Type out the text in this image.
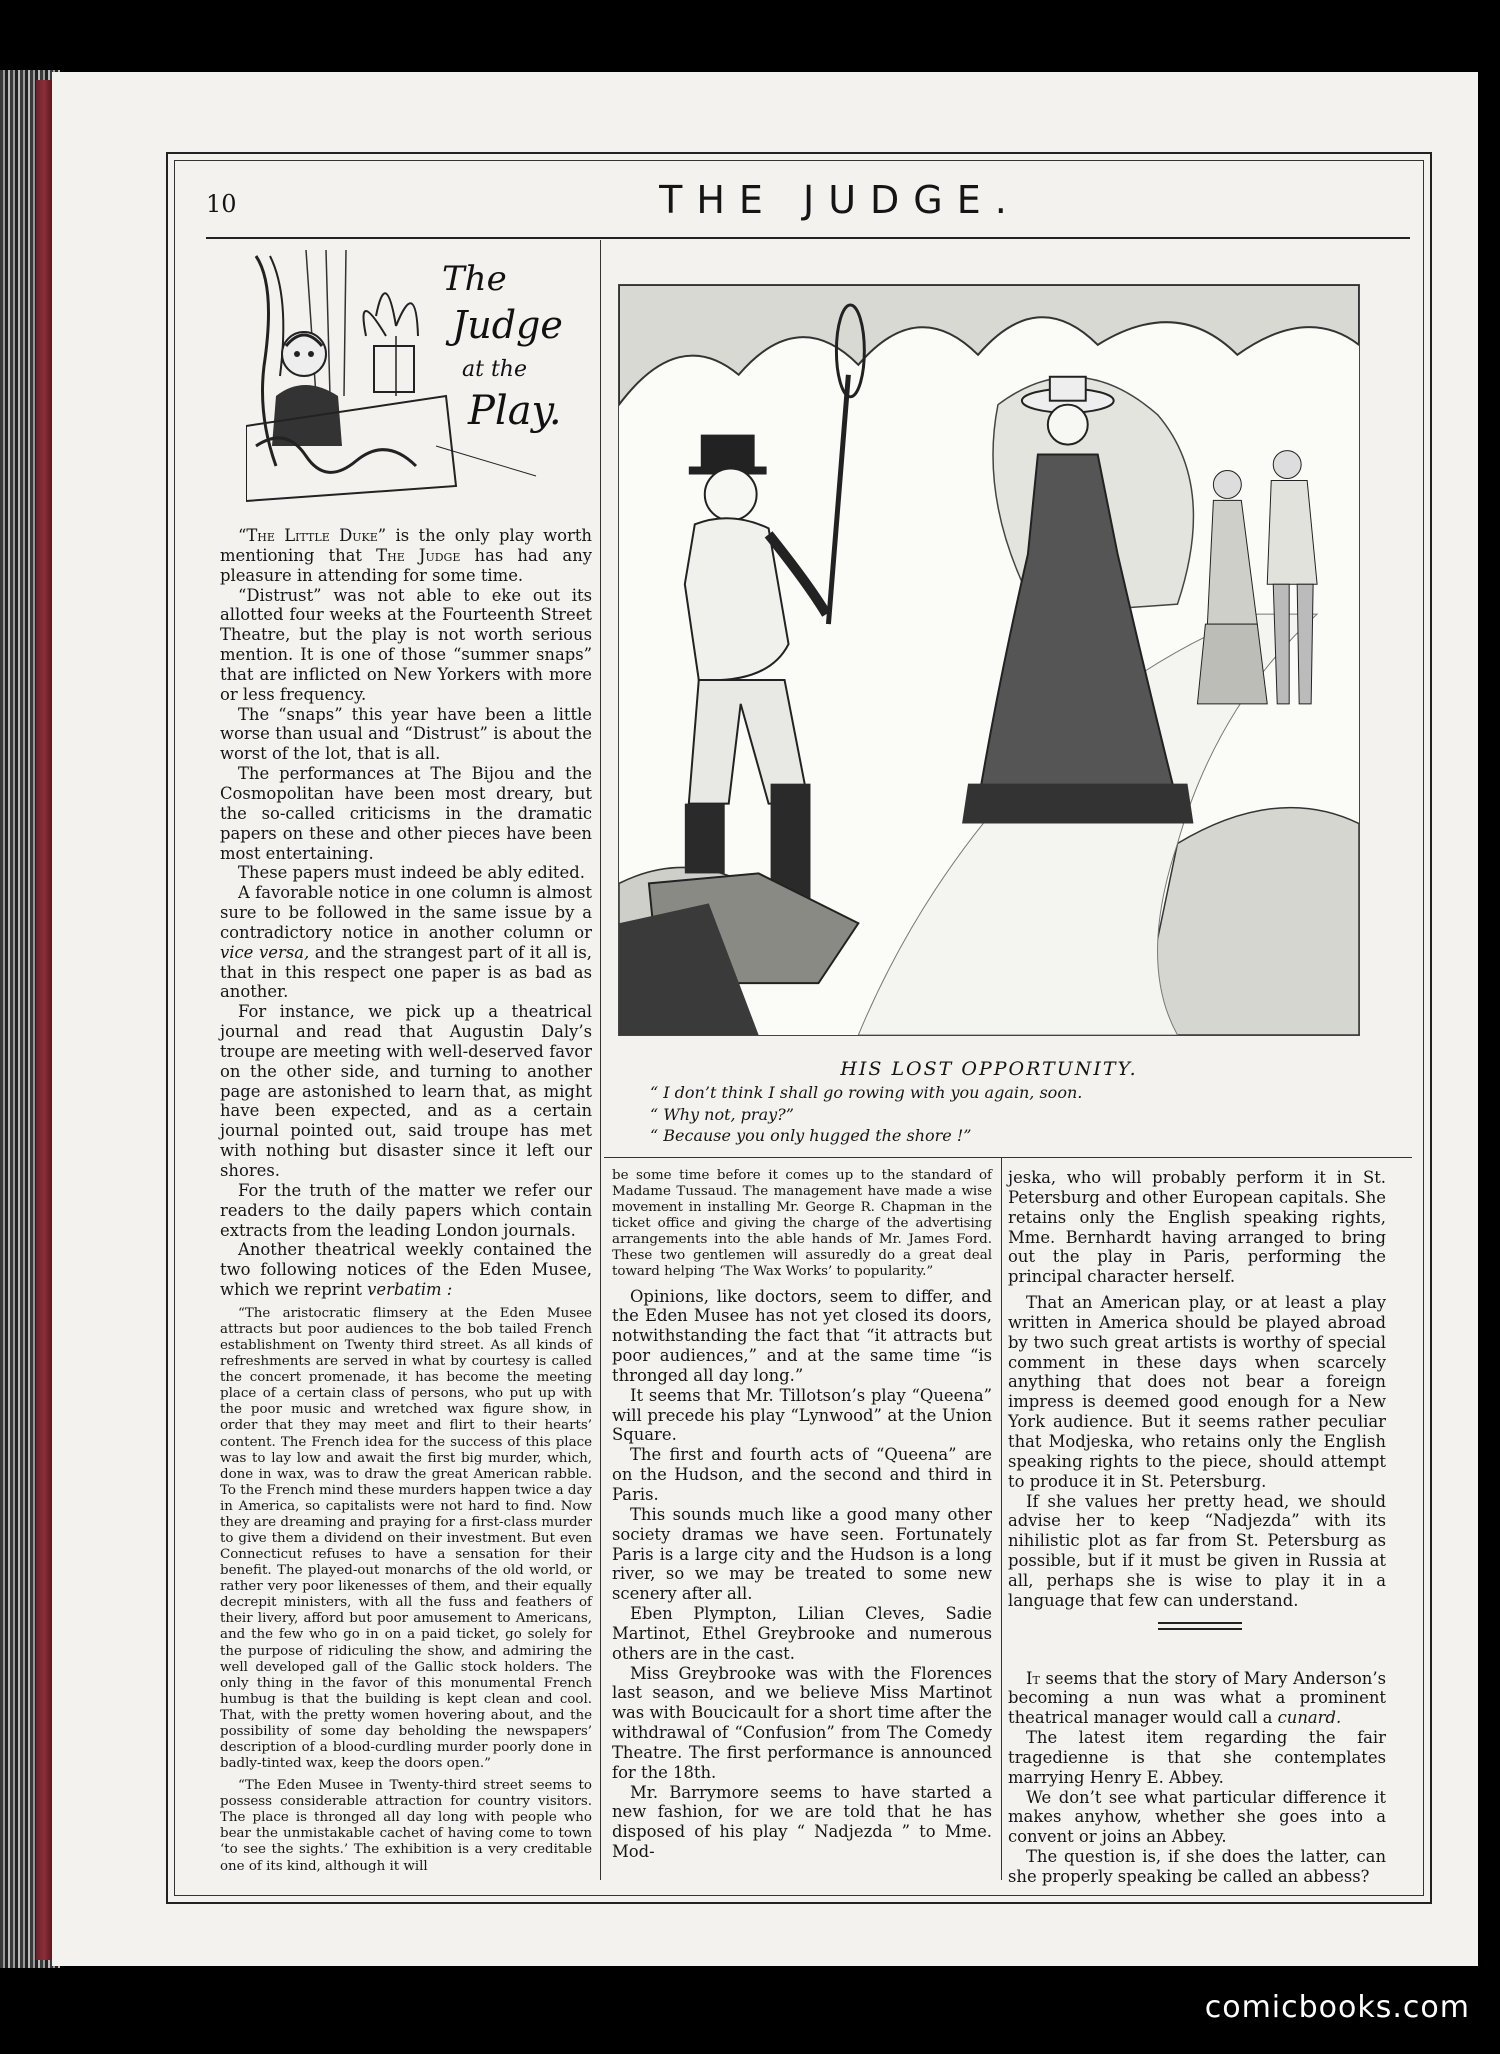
10	THE JUDGE.
The
Judge
at the
Play.

“The Little Duke” is the only play worth mentioning that The Judge has had any pleasure in attending for some time.

“Distrust” was not able to eke out its allotted four weeks at the Fourteenth Street Theatre, but the play is not worth serious mention. It is one of those “summer snaps” that are inflicted on New Yorkers with more or less frequency.

The “snaps” this year have been a little worse than usual and “Distrust” is about the worst of the lot, that is all.

The performances at The Bijou and the Cosmopolitan have been most dreary, but the so-called criticisms in the dramatic papers on these and other pieces have been most entertaining.

These papers must indeed be ably edited.

A favorable notice in one column is almost sure to be followed in the same issue by a contradictory notice in another column or vice versa, and the strangest part of it all is, that in this respect one paper is as bad as another.

For instance, we pick up a theatrical journal and read that Augustin Daly’s troupe are meeting with well-deserved favor on the other side, and turning to another page are astonished to learn that, as might have been expected, and as a certain journal pointed out, said troupe has met with nothing but disaster since it left our shores.

For the truth of the matter we refer our readers to the daily papers which contain extracts from the leading London journals.

Another theatrical weekly contained the two following notices of the Eden Musee, which we reprint verbatim :

“The aristocratic flimsery at the Eden Musee attracts but poor audiences to the bob tailed French establishment on Twenty third street. As all kinds of refreshments are served in what by courtesy is called the concert promenade, it has become the meeting place of a certain class of persons, who put up with the poor music and wretched wax figure show, in order that they may meet and flirt to their hearts’ content. The French idea for the success of this place was to lay low and await the first big murder, which, done in wax, was to draw the great American rabble. To the French mind these murders happen twice a day in America, so capitalists were not hard to find. Now they are dreaming and praying for a first-class murder to give them a dividend on their investment. But even Connecticut refuses to have a sensation for their benefit. The played-out monarchs of the old world, or rather very poor likenesses of them, and their equally decrepit ministers, with all the fuss and feathers of their livery, afford but poor amusement to Americans, and the few who go in on a paid ticket, go solely for the purpose of ridiculing the show, and admiring the well developed gall of the Gallic stock holders. The only thing in the favor of this monumental French humbug is that the building is kept clean and cool. That, with the pretty women hovering about, and the possibility of some day beholding the newspapers’ description of a blood-curdling murder poorly done in badly-tinted wax, keep the doors open.”

“The Eden Musee in Twenty-third street seems to possess considerable attraction for country visitors. The place is thronged all day long with people who bear the unmistakable cachet of having come to town ‘to see the sights.’ The exhibition is a very creditable one of its kind, although it will

HIS LOST OPPORTUNITY.
“ I don’t think I shall go rowing with you again, soon.
“ Why not, pray?”
“ Because you only hugged the shore !”

be some time before it comes up to the standard of Madame Tussaud. The management have made a wise movement in installing Mr. George R. Chapman in the ticket office and giving the charge of the advertising arrangements into the able hands of Mr. James Ford. These two gentlemen will assuredly do a great deal toward helping ‘The Wax Works’ to popularity.”

Opinions, like doctors, seem to differ, and the Eden Musee has not yet closed its doors, notwithstanding the fact that “it attracts but poor audiences,” and at the same time “is thronged all day long.”

It seems that Mr. Tillotson’s play “Queena” will precede his play “Lynwood” at the Union Square.

The first and fourth acts of “Queena” are on the Hudson, and the second and third in Paris.

This sounds much like a good many other society dramas we have seen. Fortunately Paris is a large city and the Hudson is a long river, so we may be treated to some new scenery after all.

Eben Plympton, Lilian Cleves, Sadie Martinot, Ethel Greybrooke and numerous others are in the cast.

Miss Greybrooke was with the Florences last season, and we believe Miss Martinot was with Boucicault for a short time after the withdrawal of “Confusion” from The Comedy Theatre. The first performance is announced for the 18th.

Mr. Barrymore seems to have started a new fashion, for we are told that he has disposed of his play “ Nadjezda ” to Mme. Mod-

jeska, who will probably perform it in St. Petersburg and other European capitals. She retains only the English speaking rights, Mme. Bernhardt having arranged to bring out the play in Paris, performing the principal character herself.

That an American play, or at least a play written in America should be played abroad by two such great artists is worthy of special comment in these days when scarcely anything that does not bear a foreign impress is deemed good enough for a New York audience. But it seems rather peculiar that Modjeska, who retains only the English speaking rights to the piece, should attempt to produce it in St. Petersburg.

If she values her pretty head, we should advise her to keep “Nadjezda” with its nihilistic plot as far from St. Petersburg as possible, but if it must be given in Russia at all, perhaps she is wise to play it in a language that few can understand.

It seems that the story of Mary Anderson’s becoming a nun was what a prominent theatrical manager would call a cunard.

The latest item regarding the fair tragedienne is that she contemplates marrying Henry E. Abbey.

We don’t see what particular difference it makes anyhow, whether she goes into a convent or joins an Abbey.

The question is, if she does the latter, can she properly speaking be called an abbess?

comicbooks.com
